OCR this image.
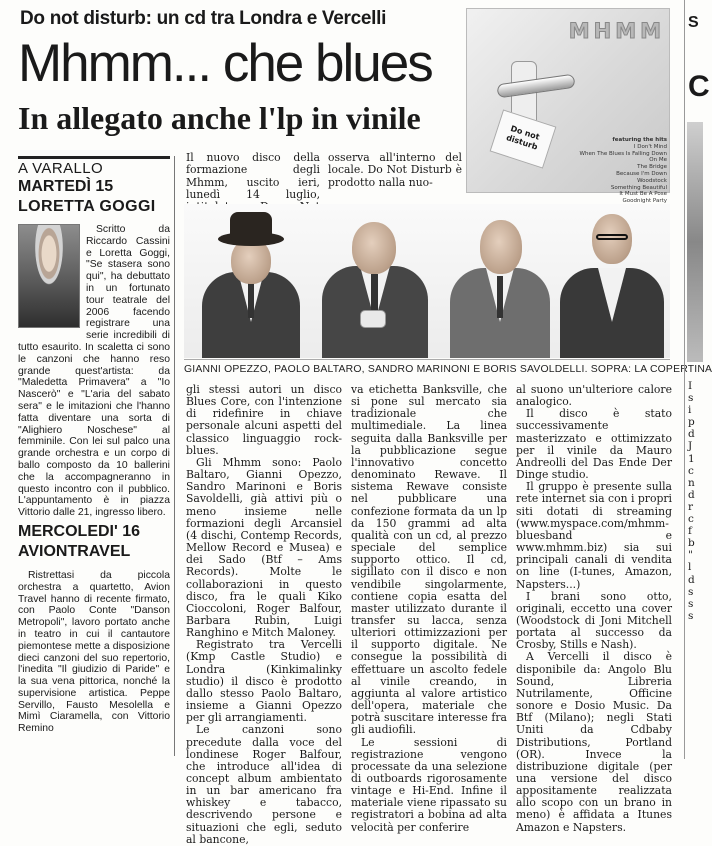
Do not disturb: un cd tra Londra e Vercelli
Mhmm... che blues
In allegato anche l'lp in vinile
MHMM
Do not disturb	featuring the hits
I Don't Mind
When The Blues Is Falling Down On Me
The Bridge
Because I'm Down
Woodstock
Something Beautiful
It Must Be A Pose
Goodnight Party
A VARALLO
MARTEDÌ 15
LORETTA GOGGI

Scritto da Riccardo Cassini e Loretta Goggi, "Se stasera sono qui", ha debuttato in un fortunato tour teatrale del 2006 facendo registrare una serie incredibili di tutto esaurito. In scaletta ci sono le canzoni che hanno reso grande quest'artista: da "Maledetta Primavera" a "Io Nascerò" e "L'aria del sabato sera" e le imitazioni che l'hanno fatta diventare una sorta di "Alighiero Noschese" al femminile. Con lei sul palco una grande orchestra e un corpo di ballo composto da 10 ballerini che la accompagneranno in questo incontro con il pubblico. L'appuntamento è in piazza Vittorio dalle 21, ingresso libero.

MERCOLEDI' 16
AVIONTRAVEL

Ristrettasi da piccola orchestra a quartetto, Avion Travel hanno di recente firmato, con Paolo Conte "Danson Metropoli", lavoro portato anche in teatro in cui il cantautore piemontese mette a disposizione dieci canzoni del suo repertorio, l'inedita "Il giudizio di Paride" e la sua vena pittorica, nonché la supervisione artistica. Peppe Servillo, Fausto Mesolella e Mimì Ciaramella, con Vittorio Remino

Il nuovo disco della formazione degli Mhmm, uscito ieri, lunedì 14 luglio,
osserva all'interno del locale. Do Not Disturb è prodotto nalla nuo-
GIANNI OPEZZO, PAOLO BALTARO, SANDRO MARINONI E BORIS SAVOLDELLI. SOPRA: LA COPERTINA

gli stessi autori un disco Blues Core, con l'intenzione di ridefinire in chiave personale alcuni aspetti del classico linguaggio rock-blues.

Gli Mhmm sono: Paolo Baltaro, Gianni Opezzo, Sandro Marinoni e Boris Savoldelli, già attivi più o meno insieme nelle formazioni degli Arcansiel (4 dischi, Contemp Records, Mellow Record e Musea) e dei Sado (Btf – Ams Records). Molte le collaborazioni in questo disco, fra le quali Kiko Cioccoloni, Roger Balfour, Barbara Rubin, Luigi Ranghino e Mitch Maloney.

Registrato tra Vercelli (Kmp Castle Studio) e Londra (Kinkimalinky studio) il disco è prodotto dallo stesso Paolo Baltaro, insieme a Gianni Opezzo per gli arrangiamenti.

Le canzoni sono precedute dalla voce del londinese Roger Balfour, che introduce all'idea di concept album ambientato in un bar americano fra whiskey e tabacco, descrivendo persone e situazioni che egli, seduto al bancone,

va etichetta Banksville, che si pone sul mercato sia tradizionale che multimediale. La linea seguita dalla Banksville per la pubblicazione segue l'innovativo concetto denominato Rewave. Il sistema Rewave consiste nel pubblicare una confezione formata da un lp da 150 grammi ad alta qualità con un cd, al prezzo speciale del semplice supporto ottico. Il cd, sigillato con il disco e non vendibile singolarmente, contiene copia esatta del master utilizzato durante il transfer su lacca, senza ulteriori ottimizzazioni per il supporto digitale. Ne consegue la possibilità di effettuare un ascolto fedele al vinile creando, in aggiunta al valore artistico dell'opera, materiale che potrà suscitare interesse fra gli audiofili.

Le sessioni di registrazione vengono processate da una selezione di outboards rigorosamente vintage e Hi-End. Infine il materiale viene ripassato su registratori a bobina ad alta velocità per conferire

al suono un'ulteriore calore analogico.

Il disco è stato successivamente masterizzato e ottimizzato per il vinile da Mauro Andreolli del Das Ende Der Dinge studio.

Il gruppo è presente sulla rete internet sia con i propri siti dotati di streaming (www.myspace.com/mhmm-bluesband e www.mhmm.biz) sia sui principali canali di vendita on line (I-tunes, Amazon, Napsters...)

I brani sono otto, originali, eccetto una cover (Woodstock di Joni Mitchell portata al successo da Crosby, Stills e Nash).

A Vercelli il disco è disponibile da: Angolo Blu Sound, Libreria Nutrilamente, Officine sonore e Dosio Music. Da Btf (Milano); negli Stati Uniti da Cdbaby Distributions, Portland (OR). Invece la distribuzione digitale (per una versione del disco appositamente realizzata allo scopo con un brano in meno) è affidata a Itunes Amazon e Napsters.

S
C
I
s
i
p
d
J
1
c
n
d
r
c
f
b
"
l
d
s
s
s
